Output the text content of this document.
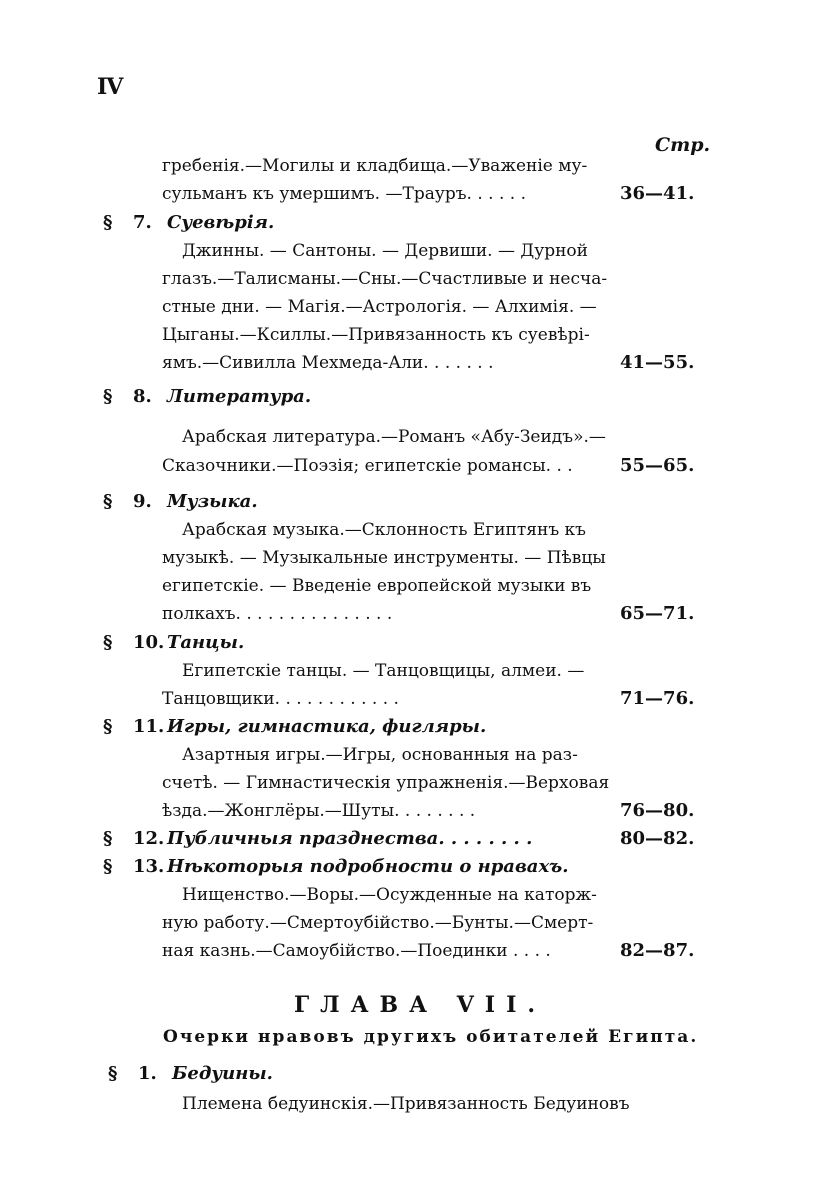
IV
Стр.
гребенія.—Могилы и кладбища.—Уваженіе му-
сульманъ къ умершимъ. —Трауръ. . . . . .	36—41.
§ 7. Суевѣрія.
Джинны. — Сантоны. — Дервиши. — Дурной
глазъ.—Талисманы.—Сны.—Счастливые и несча-
стные дни. — Магія.—Астрологія. — Алхимія. —
Цыганы.—Ксиллы.—Привязанность къ суевѣрі-
ямъ.—Сивилла Мехмеда-Али. . . . . . .	41—55.
§ 8. Литература.
Арабская литература.—Романъ «Абу-Зеидъ».—
Сказочники.—Поэзія; египетскіе романсы. . .	55—65.
§ 9. Музыка.
Арабская музыка.—Склонность Египтянъ къ
музыкѣ. — Музыкальные инструменты. — Пѣвцы
египетскіе. — Введеніе европейской музыки въ
полкахъ. . . . . . . . . . . . . . .	65—71.
§ 10. Танцы.
Египетскіе танцы. — Танцовщицы, алмеи. —
Танцовщики. . . . . . . . . . . .	71—76.
§ 11. Игры, гимнастика, фигляры.
Азартныя игры.—Игры, основанныя на раз-
счетѣ. — Гимнастическія упражненія.—Верховая
ѣзда.—Жонглёры.—Шуты. . . . . . . .	76—80.
§ 12. Публичныя празднества. . . . . . . .	80—82.
§ 13. Нѣкоторыя подробности о нравахъ.
Нищенство.—Воры.—Осужденные на каторж-
ную работу.—Смертоубійство.—Бунты.—Смерт-
ная казнь.—Самоубійство.—Поединки . . . .	82—87.
ГЛАВА VII.
Очерки нравовъ другихъ обитателей Египта.
§ 1. Бедуины.
Племена бедуинскія.—Привязанность Бедуиновъ
